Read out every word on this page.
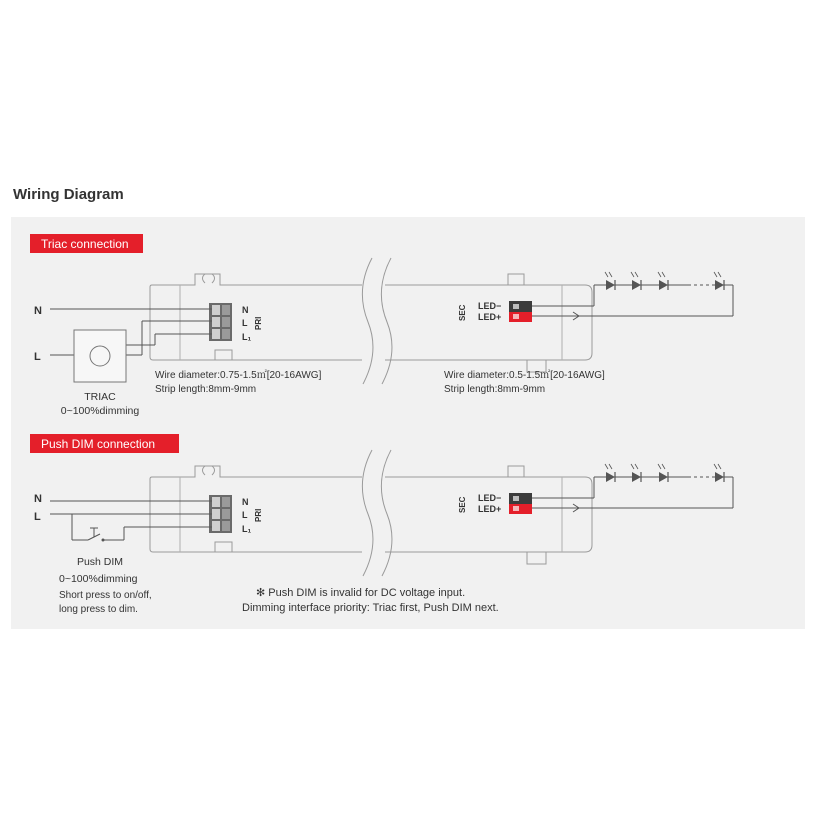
Wiring Diagram
Triac connection
N
L
TRIAC
0~100%dimming
N
L
L₁
PRI
SEC LED−
LED+
Wire diameter:0.75-1.5㎡[20-16AWG]
Strip length:8mm-9mm
Wire diameter:0.5-1.5㎡[20-16AWG]
Strip length:8mm-9mm
Push DIM connection
N
L
Push DIM
0~100%dimming
Short press to on/off,
long press to dim.
N
L
L₁
PRI
SEC LED−
LED+
✻ Push DIM is invalid for DC voltage input.
Dimming interface priority: Triac first, Push DIM next.
